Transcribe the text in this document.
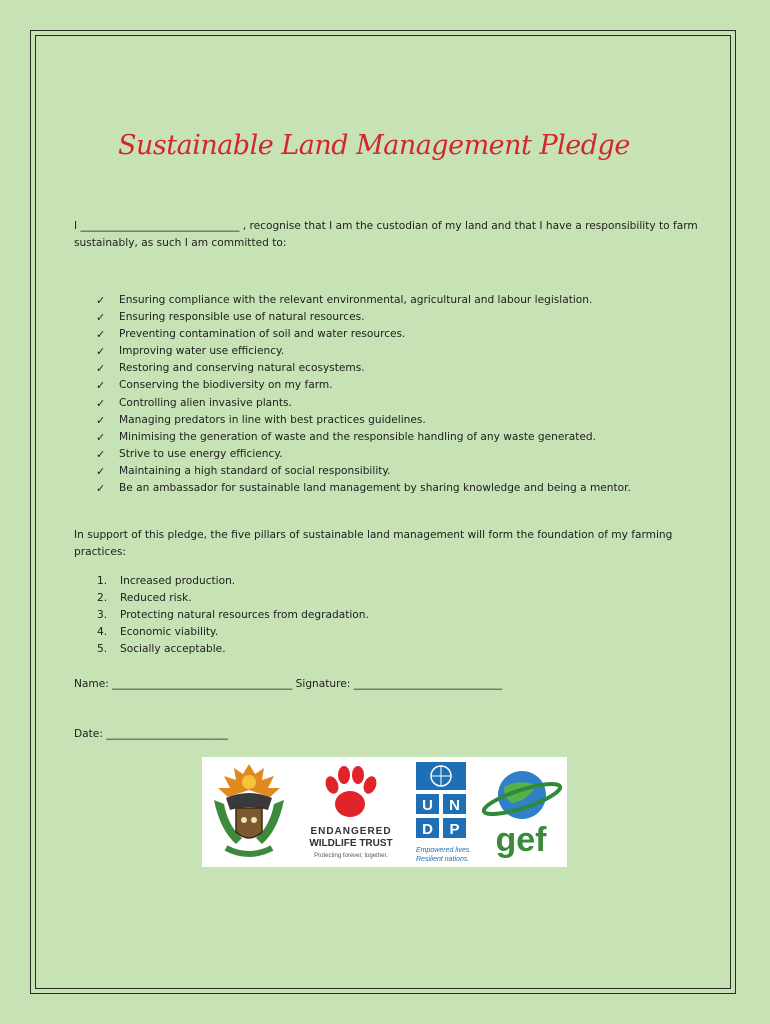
Sustainable Land Management Pledge
I ______________________________ , recognise that I am the custodian of my land and that I have a responsibility to farm sustainably, as such I am committed to:
✓ Ensuring compliance with the relevant environmental, agricultural and labour legislation.
✓ Ensuring responsible use of natural resources.
✓ Preventing contamination of soil and water resources.
✓ Improving water use efficiency.
✓ Restoring and conserving natural ecosystems.
✓ Conserving the biodiversity on my farm.
✓ Controlling alien invasive plants.
✓ Managing predators in line with best practices guidelines.
✓ Minimising the generation of waste and the responsible handling of any waste generated.
✓ Strive to use energy efficiency.
✓ Maintaining a high standard of social responsibility.
✓ Be an ambassador for sustainable land management by sharing knowledge and being a mentor.
In support of this pledge, the five pillars of sustainable land management will form the foundation of my farming practices:
1. Increased production.
2. Reduced risk.
3. Protecting natural resources from degradation.
4. Economic viability.
5. Socially acceptable.
Name: __________________________________ Signature: ____________________________
Date: _______________________
ENDANGERED
WILDLIFE TRUST
Protecting forever, together.
U N
D P
Empowered lives.
Resilient nations.
gef
